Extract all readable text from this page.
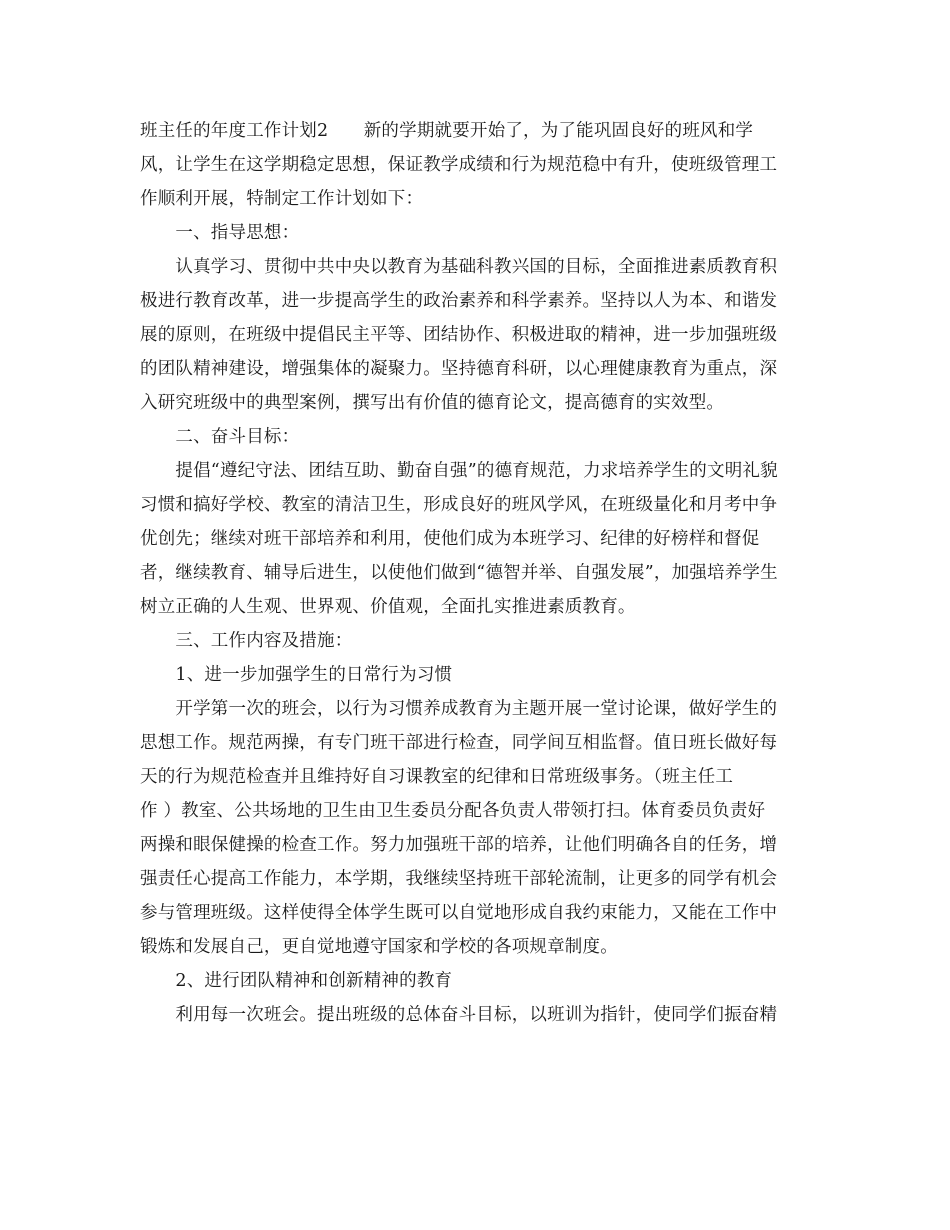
班主任的年度工作计划2　　新的学期就要开始了，为了能巩固良好的班风和学
风，让学生在这学期稳定思想，保证教学成绩和行为规范稳中有升，使班级管理工
作顺利开展，特制定工作计划如下：
　　一、指导思想：
　　认真学习、贯彻中共中央以教育为基础科教兴国的目标，全面推进素质教育积
极进行教育改革，进一步提高学生的政治素养和科学素养。坚持以人为本、和谐发
展的原则，在班级中提倡民主平等、团结协作、积极进取的精神，进一步加强班级
的团队精神建设，增强集体的凝聚力。坚持德育科研，以心理健康教育为重点，深
入研究班级中的典型案例，撰写出有价值的德育论文，提高德育的实效型。
　　二、奋斗目标：
　　提倡“遵纪守法、团结互助、勤奋自强”的德育规范，力求培养学生的文明礼貌
习惯和搞好学校、教室的清洁卫生，形成良好的班风学风，在班级量化和月考中争
优创先；继续对班干部培养和利用，使他们成为本班学习、纪律的好榜样和督促
者，继续教育、辅导后进生，以使他们做到“德智并举、自强发展”，加强培养学生
树立正确的人生观、世界观、价值观，全面扎实推进素质教育。
　　三、工作内容及措施：
　　1、进一步加强学生的日常行为习惯
　　开学第一次的班会，以行为习惯养成教育为主题开展一堂讨论课，做好学生的
思想工作。规范两操，有专门班干部进行检查，同学间互相监督。值日班长做好每
天的行为规范检查并且维持好自习课教室的纪律和日常班级事务。（班主任工
作 ）教室、公共场地的卫生由卫生委员分配各负责人带领打扫。体育委员负责好
两操和眼保健操的检查工作。努力加强班干部的培养，让他们明确各自的任务，增
强责任心提高工作能力，本学期，我继续坚持班干部轮流制，让更多的同学有机会
参与管理班级。这样使得全体学生既可以自觉地形成自我约束能力，又能在工作中
锻炼和发展自己，更自觉地遵守国家和学校的各项规章制度。
　　2、进行团队精神和创新精神的教育
　　利用每一次班会。提出班级的总体奋斗目标，以班训为指针，使同学们振奋精
